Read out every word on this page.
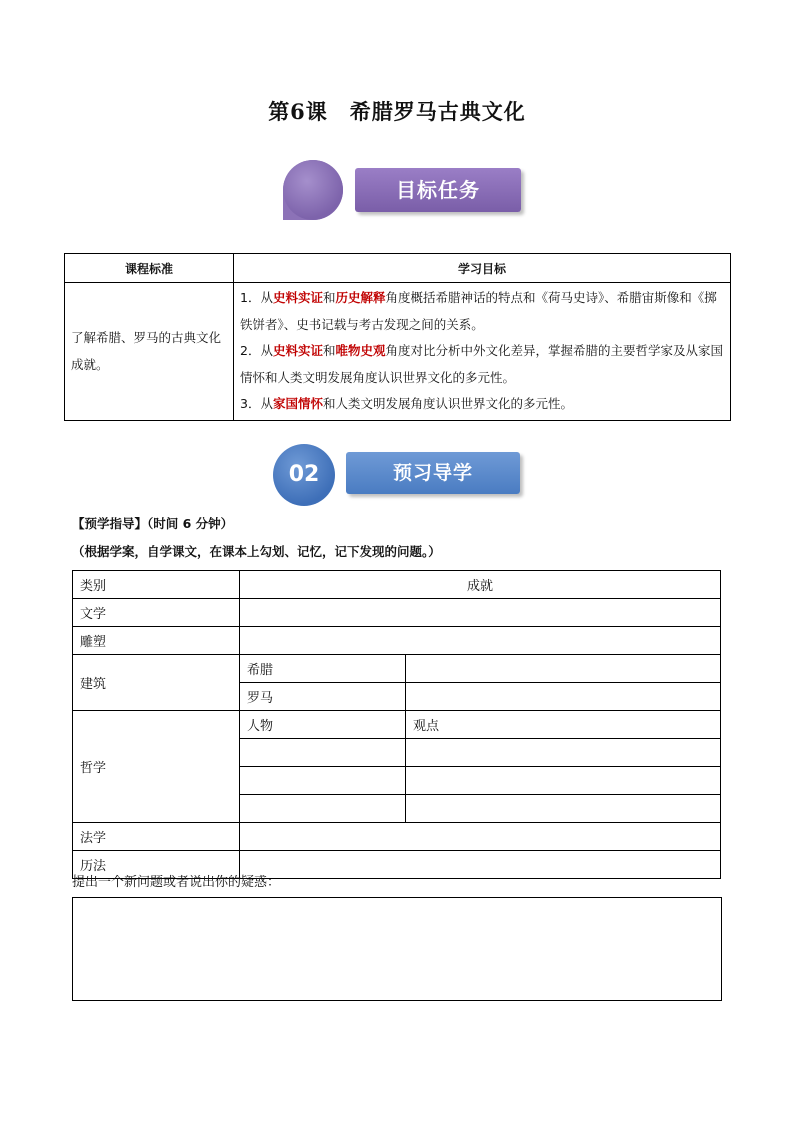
第6课　希腊罗马古典文化
目标任务
课程标准	学习目标
了解希腊、罗马的古典文化成就。	1．从史料实证和历史解释角度概括希腊神话的特点和《荷马史诗》、希腊宙斯像和《掷铁饼者》、史书记载与考古发现之间的关系。
2．从史料实证和唯物史观角度对比分析中外文化差异，掌握希腊的主要哲学家及从家国情怀和人类文明发展角度认识世界文化的多元性。
3．从家国情怀和人类文明发展角度认识世界文化的多元性。
02	预习导学
【预学指导】（时间 6 分钟）
（根据学案，自学课文，在课本上勾划、记忆，记下发现的问题。）
类别	成就	
文学		
雕塑		
建筑	希腊	
	罗马	
哲学	人物	观点

法学		
历法		
提出一个新问题或者说出你的疑惑：
